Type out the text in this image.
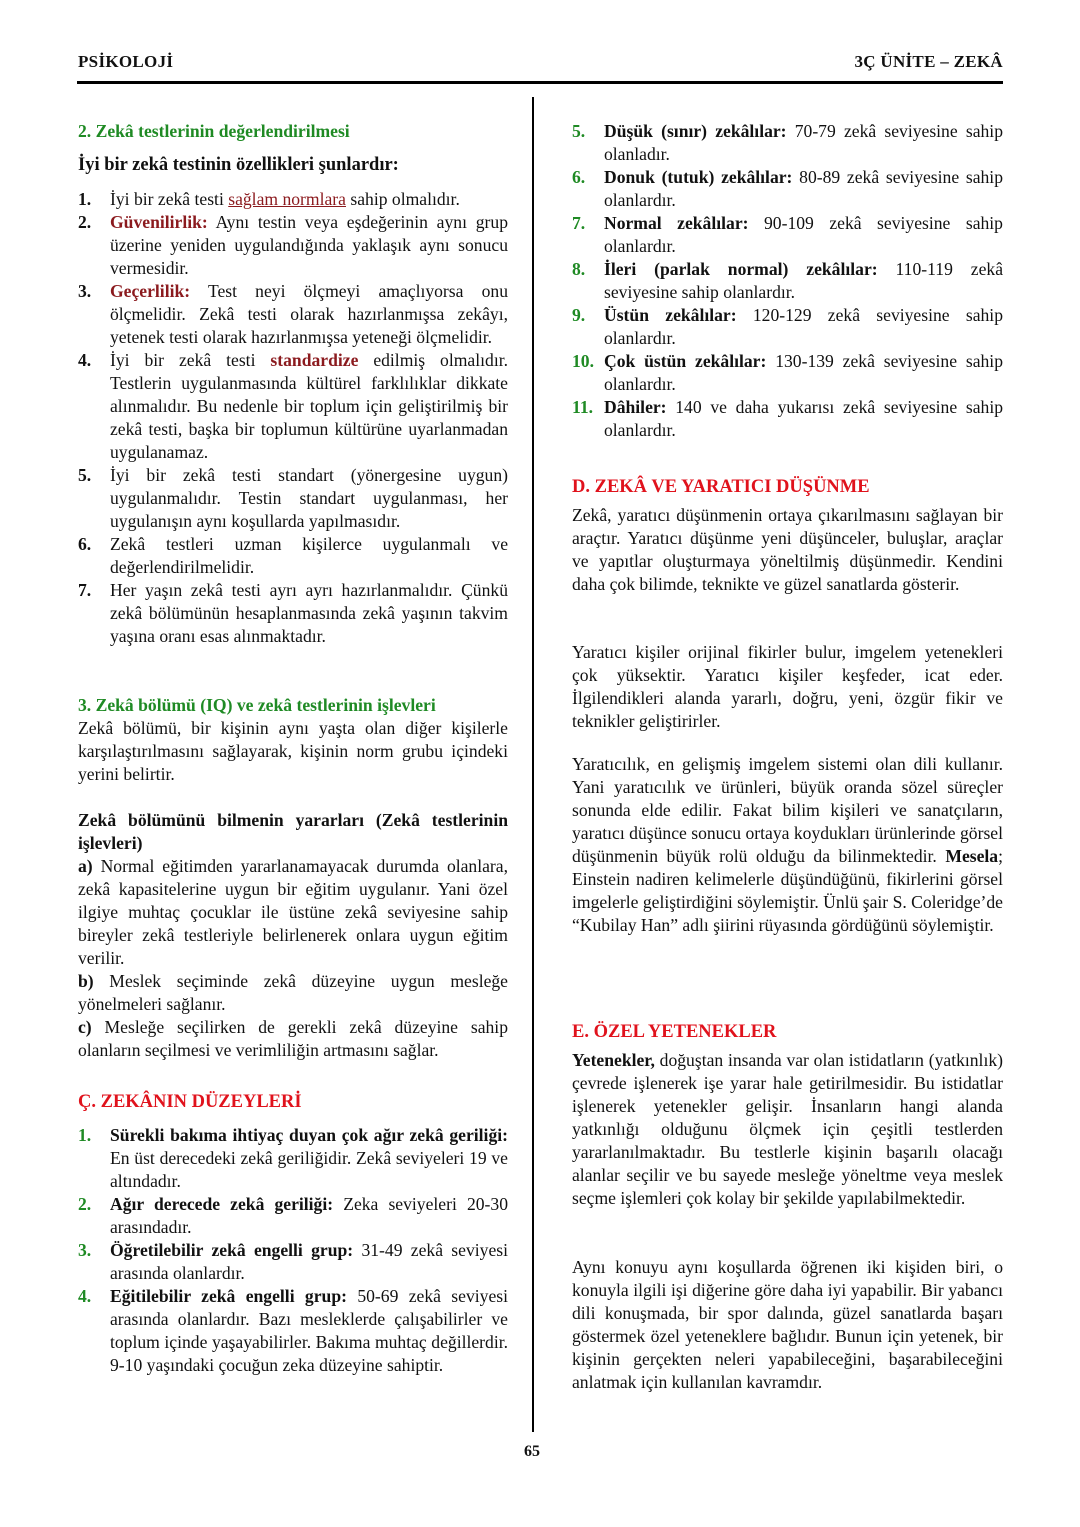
PSİKOLOJİ	3Ç ÜNİTE – ZEKÂ
2. Zekâ testlerinin değerlendirilmesi
İyi bir zekâ testinin özellikleri şunlardır:
1. İyi bir zekâ testi sağlam normlara sahip olmalıdır.
2. Güvenilirlik: Aynı testin veya eşdeğerinin aynı grup üzerine yeniden uygulandığında yaklaşık aynı sonucu vermesidir.
3. Geçerlilik: Test neyi ölçmeyi amaçlıyorsa onu ölçmelidir. Zekâ testi olarak hazırlanmışsa zekâyı, yetenek testi olarak hazırlanmışsa yeteneği ölçmelidir.
4. İyi bir zekâ testi standardize edilmiş olmalıdır. Testlerin uygulanmasında kültürel farklılıklar dikkate alınmalıdır. Bu nedenle bir toplum için geliştirilmiş bir zekâ testi, başka bir toplumun kültürüne uyarlanmadan uygulanamaz.
5. İyi bir zekâ testi standart (yönergesine uygun) uygulanmalıdır. Testin standart uygulanması, her uygulanışın aynı koşullarda yapılmasıdır.
6. Zekâ testleri uzman kişilerce uygulanmalı ve değerlendirilmelidir.
7. Her yaşın zekâ testi ayrı ayrı hazırlanmalıdır. Çünkü zekâ bölümünün hesaplanmasında zekâ yaşının takvim yaşına oranı esas alınmaktadır.

3. Zekâ bölümü (IQ) ve zekâ testlerinin işlevleri

Zekâ bölümü, bir kişinin aynı yaşta olan diğer kişilerle karşılaştırılmasını sağlayarak, kişinin norm grubu içindeki yerini belirtir.

Zekâ bölümünü bilmenin yararları (Zekâ testlerinin işlevleri)

a) Normal eğitimden yararlanamayacak durumda olanlara, zekâ kapasitelerine uygun bir eğitim uygulanır. Yani özel ilgiye muhtaç çocuklar ile üstüne zekâ seviyesine sahip bireyler zekâ testleriyle belirlenerek onlara uygun eğitim verilir.

b) Meslek seçiminde zekâ düzeyine uygun mesleğe yönelmeleri sağlanır.

c) Mesleğe seçilirken de gerekli zekâ düzeyine sahip olanların seçilmesi ve verimliliğin artmasını sağlar.

Ç. ZEKÂNIN DÜZEYLERİ

1. Sürekli bakıma ihtiyaç duyan çok ağır zekâ geriliği: En üst derecedeki zekâ geriliğidir. Zekâ seviyeleri 19 ve altındadır.
2. Ağır derecede zekâ geriliği: Zeka seviyeleri 20-30 arasındadır.
3. Öğretilebilir zekâ engelli grup: 31-49 zekâ seviyesi arasında olanlardır.
4. Eğitilebilir zekâ engelli grup: 50-69 zekâ seviyesi arasında olanlardır. Bazı mesleklerde çalışabilirler ve toplum içinde yaşayabilirler. Bakıma muhtaç değillerdir. 9-10 yaşındaki çocuğun zeka düzeyine sahiptir.
5. Düşük (sınır) zekâlılar: 70-79 zekâ seviyesine sahip olanladır.
6. Donuk (tutuk) zekâlılar: 80-89 zekâ seviyesine sahip olanlardır.
7. Normal zekâlılar: 90-109 zekâ seviyesine sahip olanlardır.
8. İleri (parlak normal) zekâlılar: 110-119 zekâ seviyesine sahip olanlardır.
9. Üstün zekâlılar: 120-129 zekâ seviyesine sahip olanlardır.
10. Çok üstün zekâlılar: 130-139 zekâ seviyesine sahip olanlardır.
11. Dâhiler: 140 ve daha yukarısı zekâ seviyesine sahip olanlardır.

D. ZEKÂ VE YARATICI DÜŞÜNME

Zekâ, yaratıcı düşünmenin ortaya çıkarılmasını sağlayan bir araçtır. Yaratıcı düşünme yeni düşünceler, buluşlar, araçlar ve yapıtlar oluşturmaya yöneltilmiş düşünmedir. Kendini daha çok bilimde, teknikte ve güzel sanatlarda gösterir.

Yaratıcı kişiler orijinal fikirler bulur, imgelem yetenekleri çok yüksektir. Yaratıcı kişiler keşfeder, icat eder. İlgilendikleri alanda yararlı, doğru, yeni, özgür fikir ve teknikler geliştirirler.

Yaratıcılık, en gelişmiş imgelem sistemi olan dili kullanır. Yani yaratıcılık ve ürünleri, büyük oranda sözel süreçler sonunda elde edilir. Fakat bilim kişileri ve sanatçıların, yaratıcı düşünce sonucu ortaya koydukları ürünlerinde görsel düşünmenin büyük rolü olduğu da bilinmektedir. Mesela; Einstein nadiren kelimelerle düşündüğünü, fikirlerini görsel imgelerle geliştirdiğini söylemiştir. Ünlü şair S. Coleridge’de “Kubilay Han” adlı şiirini rüyasında gördüğünü söylemiştir.

E. ÖZEL YETENEKLER

Yetenekler, doğuştan insanda var olan istidatların (yatkınlık) çevrede işlenerek işe yarar hale getirilmesidir. Bu istidatlar işlenerek yetenekler gelişir. İnsanların hangi alanda yatkınlığı olduğunu ölçmek için çeşitli testlerden yararlanılmaktadır. Bu testlerle kişinin başarılı olacağı alanlar seçilir ve bu sayede mesleğe yöneltme veya meslek seçme işlemleri çok kolay bir şekilde yapılabilmektedir.

Aynı konuyu aynı koşullarda öğrenen iki kişiden biri, o konuyla ilgili işi diğerine göre daha iyi yapabilir. Bir yabancı dili konuşmada, bir spor dalında, güzel sanatlarda başarı göstermek özel yeteneklere bağlıdır. Bunun için yetenek, bir kişinin gerçekten neleri yapabileceğini, başarabileceğini anlatmak için kullanılan kavramdır.

65
